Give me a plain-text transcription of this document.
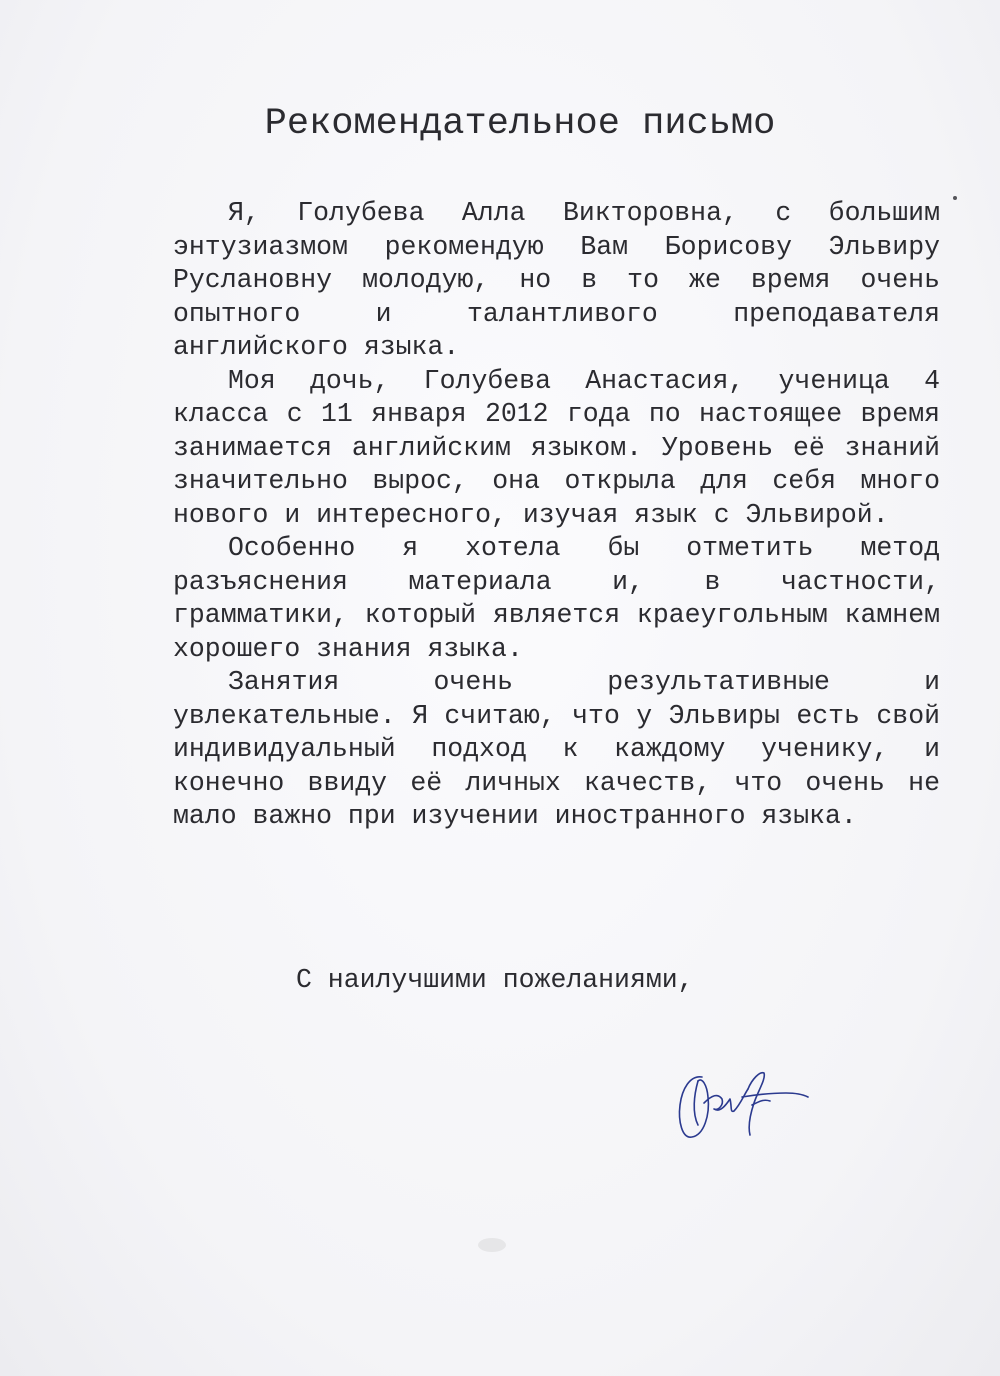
Рекомендательное письмо

Я, Голубева Алла Викторовна, с большим энтузиазмом рекомендую Вам Борисову Эльвиру Руслановну молодую, но в то же время очень опытного и талантливого преподавателя английского языка.

Моя дочь, Голубева Анастасия, ученица 4 класса с 11 января 2012 года по настоящее время занимается английским языком. Уровень её знаний значительно вырос, она открыла для себя много нового и интересного, изучая язык с Эльвирой.

Особенно я хотела бы отметить метод разъяснения материала и, в частности, грамматики, который является краеугольным камнем хорошего знания языка.

Занятия очень результативные и увлекательные. Я считаю, что у Эльвиры есть свой индивидуальный подход к каждому ученику, и конечно ввиду её личных качеств, что очень не мало важно при изучении иностранного языка.

С наилучшими пожеланиями,
